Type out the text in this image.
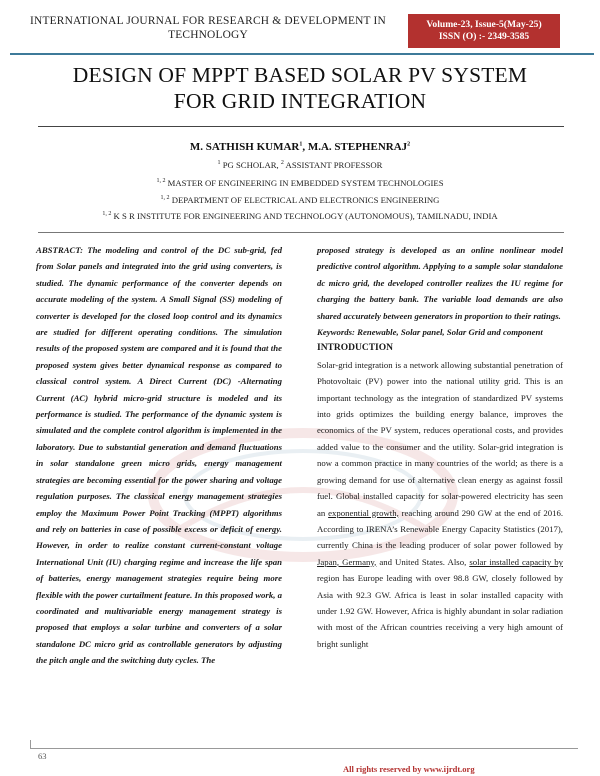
INTERNATIONAL JOURNAL FOR RESEARCH & DEVELOPMENT IN
TECHNOLOGY
Volume-23, Issue-5(May-25)
ISSN (O) :- 2349-3585
DESIGN OF MPPT BASED SOLAR PV SYSTEM
FOR GRID INTEGRATION
M. SATHISH KUMAR$^1$, M.A. STEPHENRAJ$^2$
$^1$ PG SCHOLAR, $^2$ ASSISTANT PROFESSOR
$^{1, 2}$ MASTER OF ENGINEERING IN EMBEDDED SYSTEM TECHNOLOGIES
$^{1, 2}$ DEPARTMENT OF ELECTRICAL AND ELECTRONICS ENGINEERING
$^{1, 2}$ K S R INSTITUTE FOR ENGINEERING AND TECHNOLOGY (AUTONOMOUS), TAMILNADU, INDIA

ABSTRACT: The modeling and control of the DC sub-grid, fed from Solar panels and integrated into the grid using converters, is studied. The dynamic performance of the converter depends on accurate modeling of the system. A Small Signal (SS) modeling of converter is developed for the closed loop control and its dynamics are studied for different operating conditions. The simulation results of the proposed system are compared and it is found that the proposed system gives better dynamical response as compared to classical control system. A Direct Current (DC) -Alternating Current (AC) hybrid micro-grid structure is modeled and its performance is studied. The performance of the dynamic system is simulated and the complete control algorithm is implemented in the laboratory. Due to substantial generation and demand fluctuations in solar standalone green micro grids, energy management strategies are becoming essential for the power sharing and voltage regulation purposes. The classical energy management strategies employ the Maximum Power Point Tracking (MPPT) algorithms and rely on batteries in case of possible excess or deficit of energy. However, in order to realize constant current-constant voltage International Unit (IU) charging regime and increase the life span of batteries, energy management strategies require being more flexible with the power curtailment feature. In this proposed work, a coordinated and multivariable energy management strategy is proposed that employs a solar turbine and converters of a solar standalone DC micro grid as controllable generators by adjusting the pitch angle and the switching duty cycles. The

proposed strategy is developed as an online nonlinear model predictive control algorithm. Applying to a sample solar standalone dc micro grid, the developed controller realizes the IU regime for charging the battery bank. The variable load demands are also shared accurately between generators in proportion to their ratings.

Keywords: Renewable, Solar panel, Solar Grid and component

INTRODUCTION

Solar-grid integration is a network allowing substantial penetration of Photovoltaic (PV) power into the national utility grid. This is an important technology as the integration of standardized PV systems into grids optimizes the building energy balance, improves the economics of the PV system, reduces operational costs, and provides added value to the consumer and the utility. Solar-grid integration is now a common practice in many countries of the world; as there is a growing demand for use of alternative clean energy as against fossil fuel. Global installed capacity for solar-powered electricity has seen an exponential growth, reaching around 290 GW at the end of 2016. According to IRENA’s Renewable Energy Capacity Statistics (2017), currently China is the leading producer of solar power followed by Japan, Germany, and United States. Also, solar installed capacity by region has Europe leading with over 98.8 GW, closely followed by Asia with 92.3 GW. Africa is least in solar installed capacity with under 1.92 GW. However, Africa is highly abundant in solar radiation with most of the African countries receiving a very high amount of bright sunlight

63
All rights reserved by www.ijrdt.org
